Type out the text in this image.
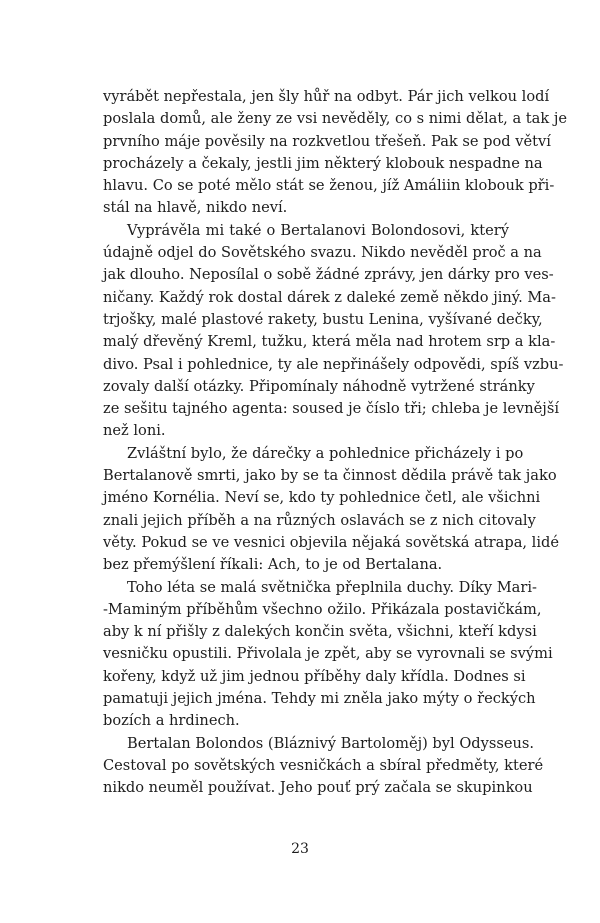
vyrábět nepřestala, jen šly hůř na odbyt. Pár jich velkou lodí
poslala domů, ale ženy ze vsi nevěděly, co s nimi dělat, a tak je
prvního máje pověsily na rozkvetlou třešeň. Pak se pod větví
procházely a čekaly, jestli jim některý klobouk nespadne na
hlavu. Co se poté mělo stát se ženou, jíž Amáliin klobouk při-
stál na hlavě, nikdo neví.
Vyprávěla mi také o Bertalanovi Bolondosovi, který
údajně odjel do Sovětského svazu. Nikdo nevěděl proč a na
jak dlouho. Neposílal o sobě žádné zprávy, jen dárky pro ves-
ničany. Každý rok dostal dárek z daleké země někdo jiný. Ma-
trjošky, malé plastové rakety, bustu Lenina, vyšívané dečky,
malý dřevěný Kreml, tužku, která měla nad hrotem srp a kla-
divo. Psal i pohlednice, ty ale nepřinášely odpovědi, spíš vzbu-
zovaly další otázky. Připomínaly náhodně vytržené stránky
ze sešitu tajného agenta: soused je číslo tři; chleba je levnější
než loni.
Zvláštní bylo, že dárečky a pohlednice přicházely i po
Bertalanově smrti, jako by se ta činnost dědila právě tak jako
jméno Kornélia. Neví se, kdo ty pohlednice četl, ale všichni
znali jejich příběh a na různých oslavách se z nich citovaly
věty. Pokud se ve vesnici objevila nějaká sovětská atrapa, lidé
bez přemýšlení říkali: Ach, to je od Bertalana.
Toho léta se malá světnička přeplnila duchy. Díky Mari-
-Maminým příběhům všechno ožilo. Přikázala postavičkám,
aby k ní přišly z dalekých končin světa, všichni, kteří kdysi
vesničku opustili. Přivolala je zpět, aby se vyrovnali se svými
kořeny, když už jim jednou příběhy daly křídla. Dodnes si
pamatuji jejich jména. Tehdy mi zněla jako mýty o řeckých
bozích a hrdinech.
Bertalan Bolondos (Bláznivý Bartoloměj) byl Odysseus.
Cestoval po sovětských vesničkách a sbíral předměty, které
nikdo neuměl používat. Jeho pouť prý začala se skupinkou
23
